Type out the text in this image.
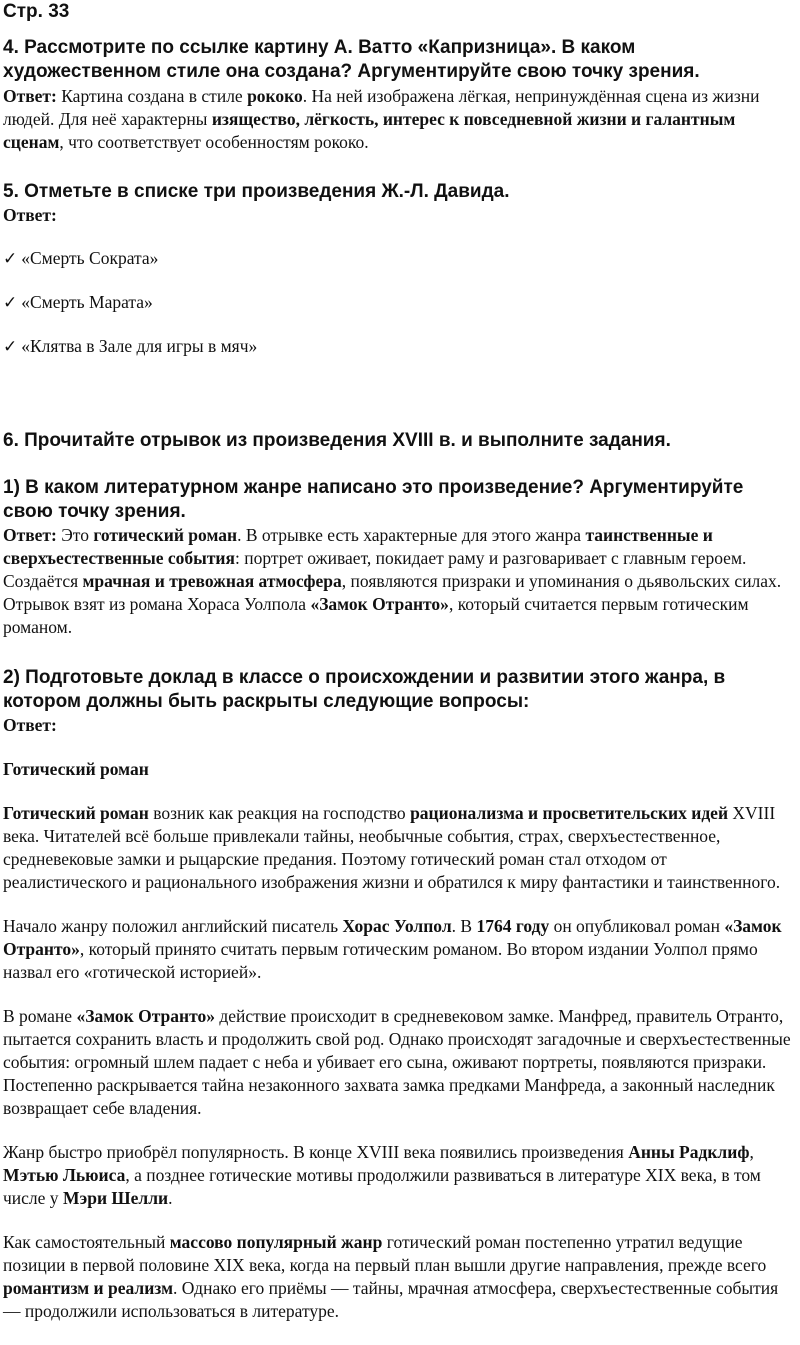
Стр. 33

4. Рассмотрите по ссылке картину А. Ватто «Капризница». В каком художественном стиле она создана? Аргументируйте свою точку зрения.

Ответ: Картина создана в стиле рококо. На ней изображена лёгкая, непринуждённая сцена из жизни людей. Для неё характерны изящество, лёгкость, интерес к повседневной жизни и галантным сценам, что соответствует особенностям рококо.

5. Отметьте в списке три произведения Ж.-Л. Давида.

Ответ:

✓ «Смерть Сократа»

✓ «Смерть Марата»

✓ «Клятва в Зале для игры в мяч»

6. Прочитайте отрывок из произведения XVIII в. и выполните задания.

1) В каком литературном жанре написано это произведение? Аргументируйте свою точку зрения.

Ответ: Это готический роман. В отрывке есть характерные для этого жанра таинственные и сверхъестественные события: портрет оживает, покидает раму и разговаривает с главным героем. Создаётся мрачная и тревожная атмосфера, появляются призраки и упоминания о дьявольских силах. Отрывок взят из романа Хораса Уолпола «Замок Отранто», который считается первым готическим романом.

2) Подготовьте доклад в классе о происхождении и развитии этого жанра, в котором должны быть раскрыты следующие вопросы:

Ответ:

Готический роман

Готический роман возник как реакция на господство рационализма и просветительских идей XVIII века. Читателей всё больше привлекали тайны, необычные события, страх, сверхъестественное, средневековые замки и рыцарские предания. Поэтому готический роман стал отходом от реалистического и рационального изображения жизни и обратился к миру фантастики и таинственного.

Начало жанру положил английский писатель Хорас Уолпол. В 1764 году он опубликовал роман «Замок Отранто», который принято считать первым готическим романом. Во втором издании Уолпол прямо назвал его «готической историей».

В романе «Замок Отранто» действие происходит в средневековом замке. Манфред, правитель Отранто, пытается сохранить власть и продолжить свой род. Однако происходят загадочные и сверхъестественные события: огромный шлем падает с неба и убивает его сына, оживают портреты, появляются призраки. Постепенно раскрывается тайна незаконного захвата замка предками Манфреда, а законный наследник возвращает себе владения.

Жанр быстро приобрёл популярность. В конце XVIII века появились произведения Анны Радклиф, Мэтью Льюиса, а позднее готические мотивы продолжили развиваться в литературе XIX века, в том числе у Мэри Шелли.

Как самостоятельный массово популярный жанр готический роман постепенно утратил ведущие позиции в первой половине XIX века, когда на первый план вышли другие направления, прежде всего романтизм и реализм. Однако его приёмы — тайны, мрачная атмосфера, сверхъестественные события — продолжили использоваться в литературе.
